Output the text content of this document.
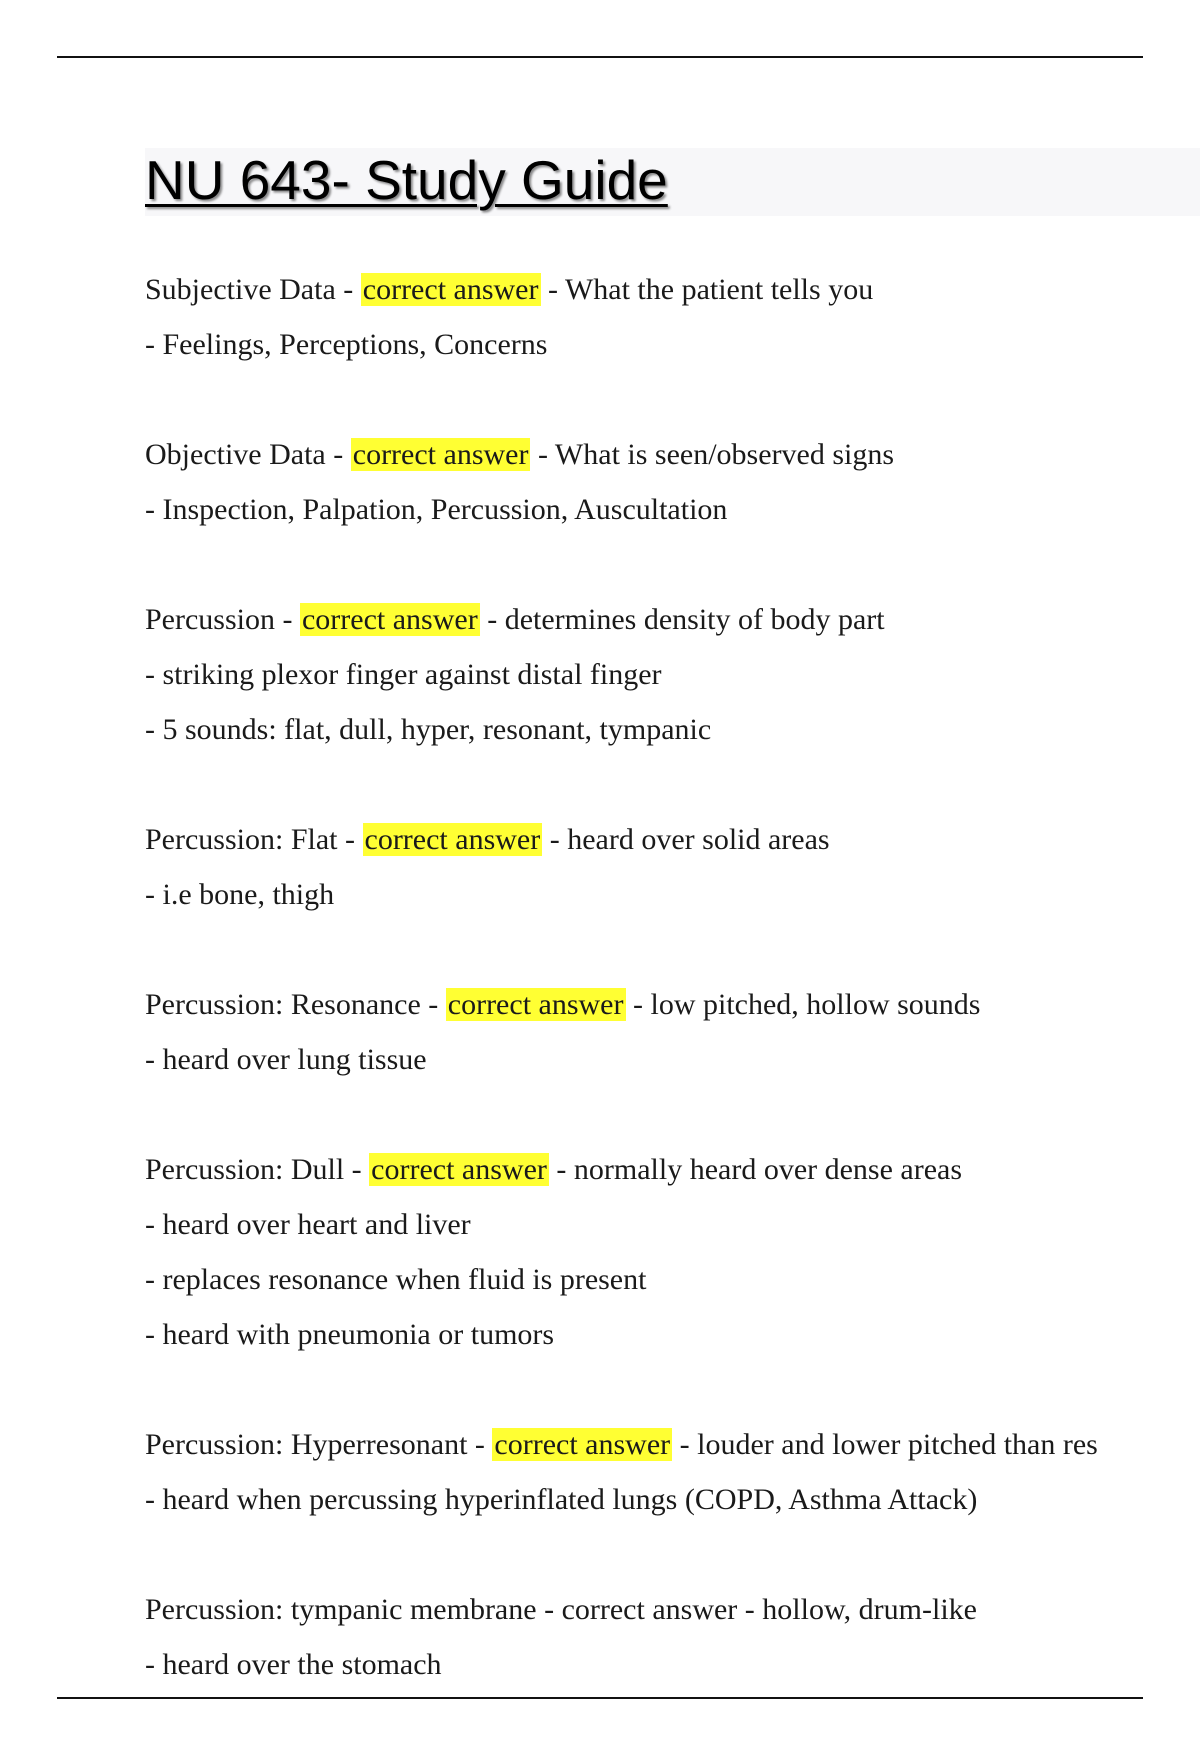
NU 643- Study Guide
Subjective Data - correct answer - What the patient tells you
- Feelings, Perceptions, Concerns
Objective Data - correct answer - What is seen/observed signs
- Inspection, Palpation, Percussion, Auscultation
Percussion - correct answer - determines density of body part
- striking plexor finger against distal finger
- 5 sounds: flat, dull, hyper, resonant, tympanic
Percussion: Flat - correct answer - heard over solid areas
- i.e bone, thigh
Percussion: Resonance - correct answer - low pitched, hollow sounds
- heard over lung tissue
Percussion: Dull - correct answer - normally heard over dense areas
- heard over heart and liver
- replaces resonance when fluid is present
- heard with pneumonia or tumors
Percussion: Hyperresonant - correct answer - louder and lower pitched than res
- heard when percussing hyperinflated lungs (COPD, Asthma Attack)
Percussion: tympanic membrane - correct answer - hollow, drum-like
- heard over the stomach
